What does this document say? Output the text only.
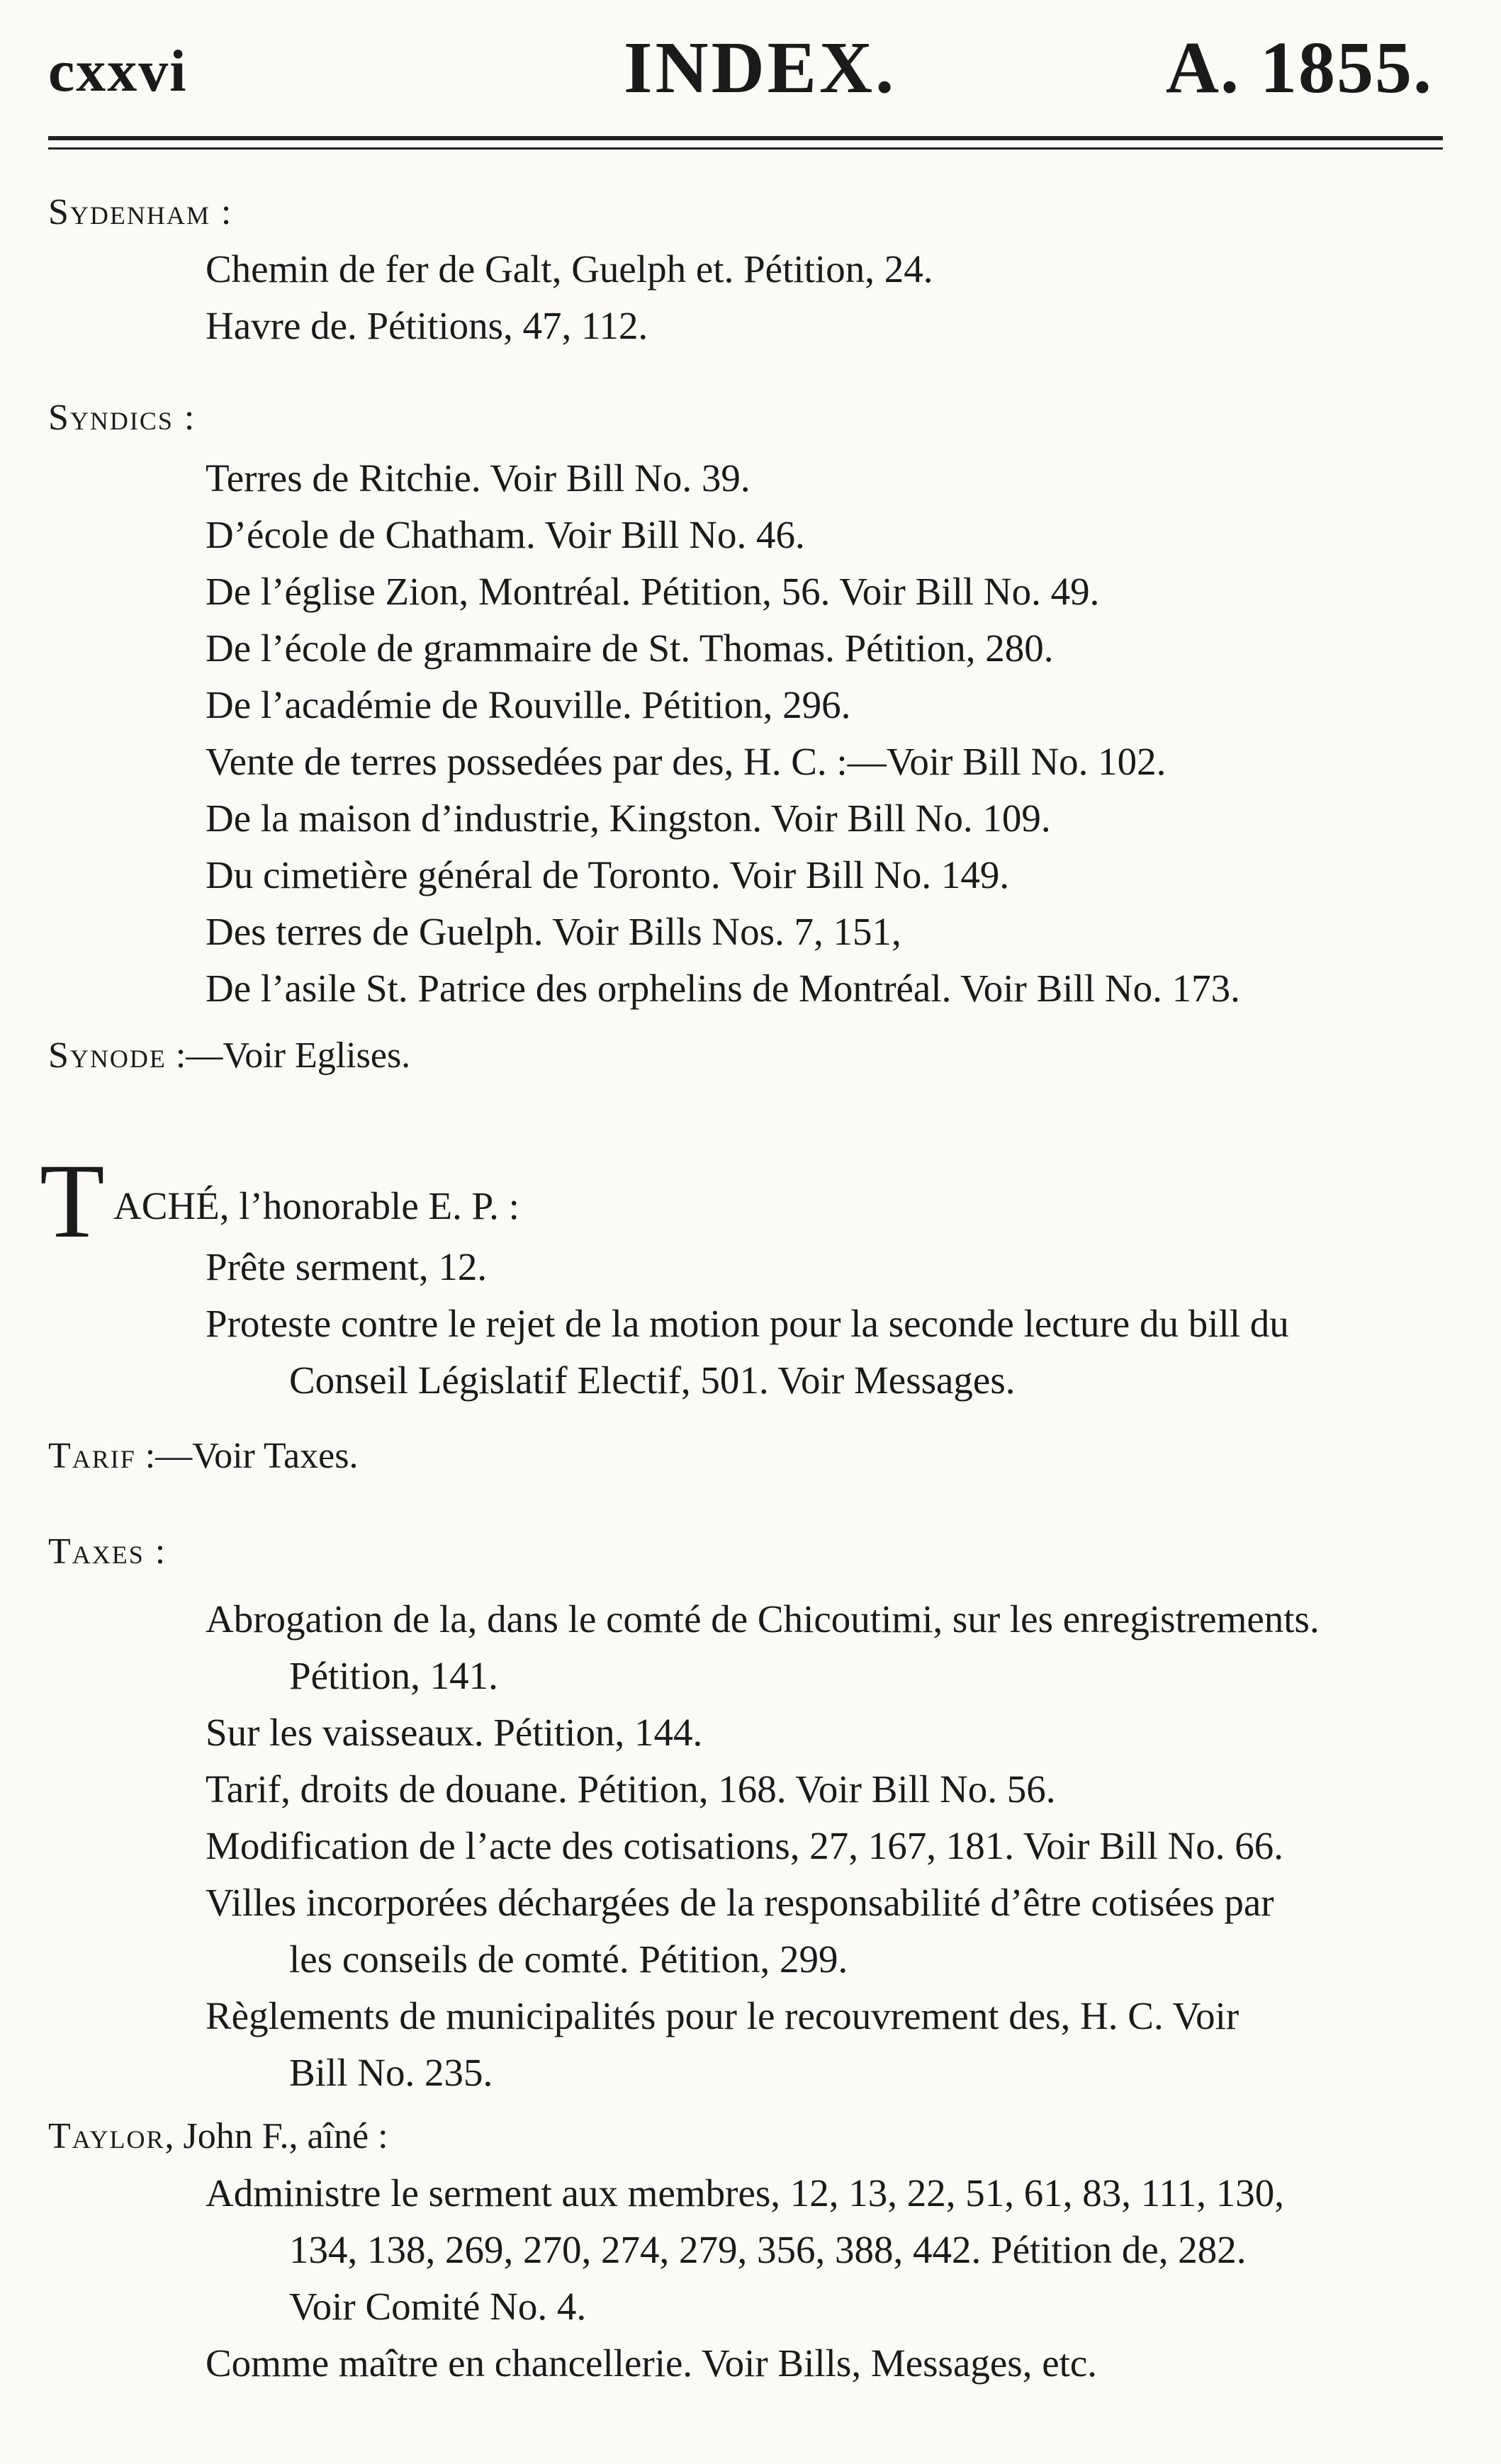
cxxvi	INDEX.	A. 1855.
Sydenham :
Chemin de fer de Galt, Guelph et. Pétition, 24.
Havre de. Pétitions, 47, 112.
Syndics :
Terres de Ritchie. Voir Bill No. 39.
D’école de Chatham. Voir Bill No. 46.
De l’église Zion, Montréal. Pétition, 56. Voir Bill No. 49.
De l’école de grammaire de St. Thomas. Pétition, 280.
De l’académie de Rouville. Pétition, 296.
Vente de terres possedées par des, H. C. :—Voir Bill No. 102.
De la maison d’industrie, Kingston. Voir Bill No. 109.
Du cimetière général de Toronto. Voir Bill No. 149.
Des terres de Guelph. Voir Bills Nos. 7, 151,
De l’asile St. Patrice des orphelins de Montréal. Voir Bill No. 173.
Synode :—Voir Eglises.
T ACHÉ, l’honorable E. P. :
Prête serment, 12.
Proteste contre le rejet de la motion pour la seconde lecture du bill du
Conseil Législatif Electif, 501. Voir Messages.
Tarif :—Voir Taxes.
Taxes :
Abrogation de la, dans le comté de Chicoutimi, sur les enregistrements.
Pétition, 141.
Sur les vaisseaux. Pétition, 144.
Tarif, droits de douane. Pétition, 168. Voir Bill No. 56.
Modification de l’acte des cotisations, 27, 167, 181. Voir Bill No. 66.
Villes incorporées déchargées de la responsabilité d’être cotisées par
les conseils de comté. Pétition, 299.
Règlements de municipalités pour le recouvrement des, H. C. Voir
Bill No. 235.
Taylor, John F., aîné :
Administre le serment aux membres, 12, 13, 22, 51, 61, 83, 111, 130,
134, 138, 269, 270, 274, 279, 356, 388, 442. Pétition de, 282.
Voir Comité No. 4.
Comme maître en chancellerie. Voir Bills, Messages, etc.
